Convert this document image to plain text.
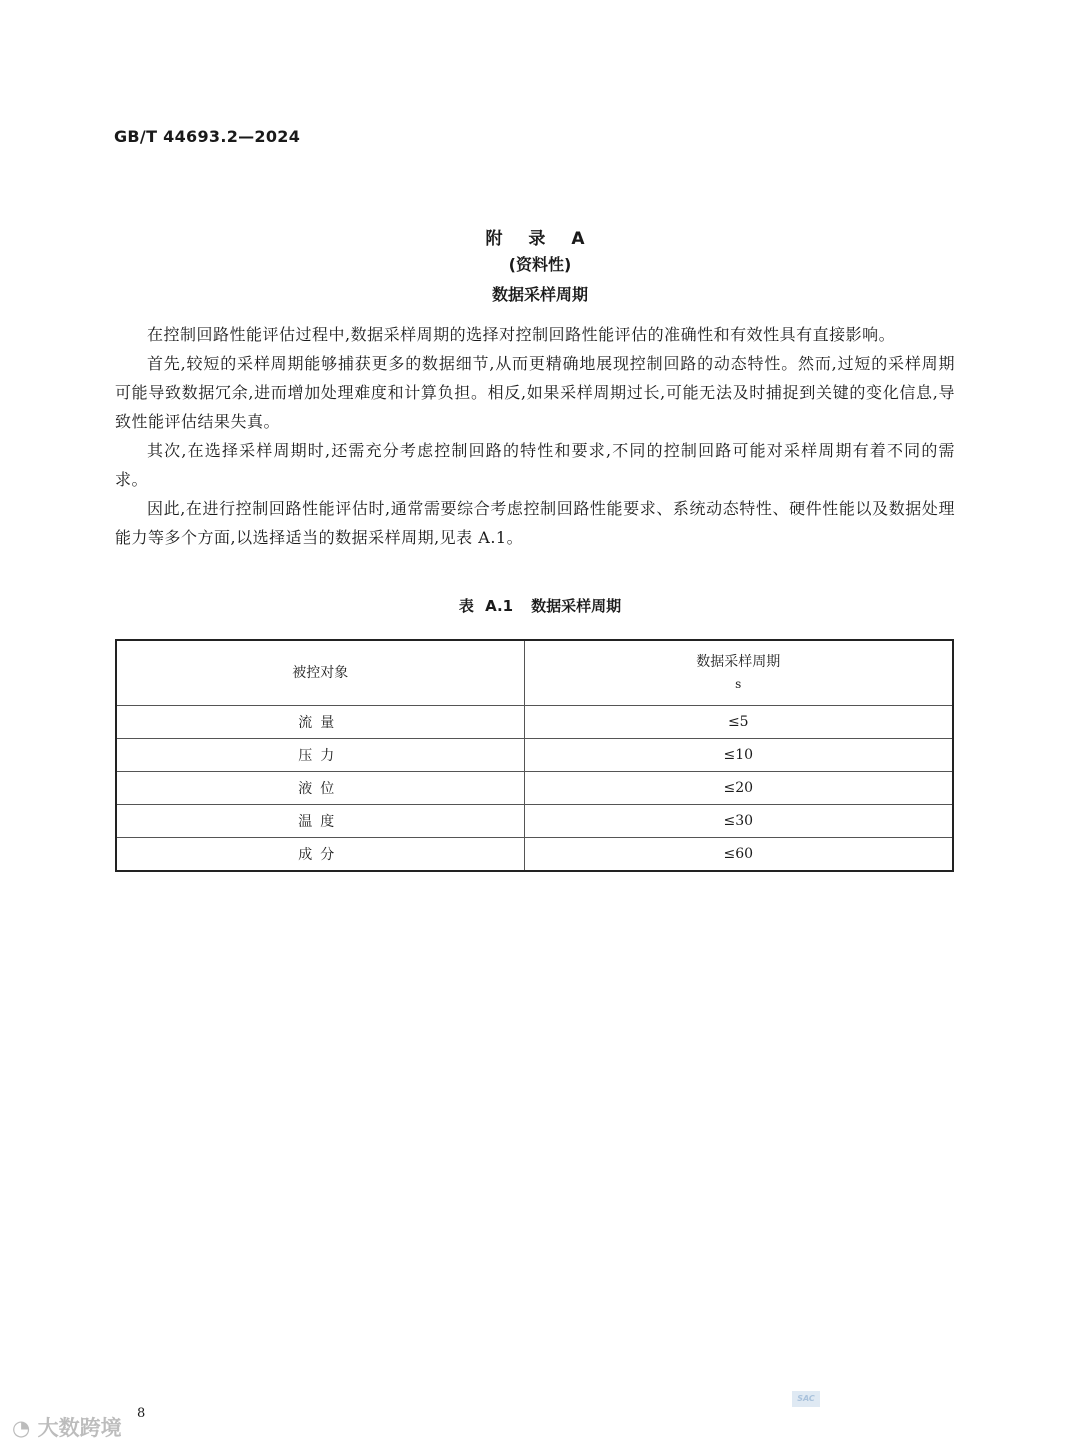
GB/T 44693.2—2024
附 录 A
(资料性)
数据采样周期

在控制回路性能评估过程中,数据采样周期的选择对控制回路性能评估的准确性和有效性具有直接影响。

首先,较短的采样周期能够捕获更多的数据细节,从而更精确地展现控制回路的动态特性。然而,过短的采样周期可能导致数据冗余,进而增加处理难度和计算负担。相反,如果采样周期过长,可能无法及时捕捉到关键的变化信息,导致性能评估结果失真。

其次,在选择采样周期时,还需充分考虑控制回路的特性和要求,不同的控制回路可能对采样周期有着不同的需求。

因此,在进行控制回路性能评估时,通常需要综合考虑控制回路性能要求、系统动态特性、硬件性能以及数据处理能力等多个方面,以选择适当的数据采样周期,见表 A.1。

表 A.1 数据采样周期
被控对象	数据采样周期
s

流量	≤5
压力	≤10
液位	≤20
温度	≤30
成分	≤60
8
◔ 大数跨境
SAC
